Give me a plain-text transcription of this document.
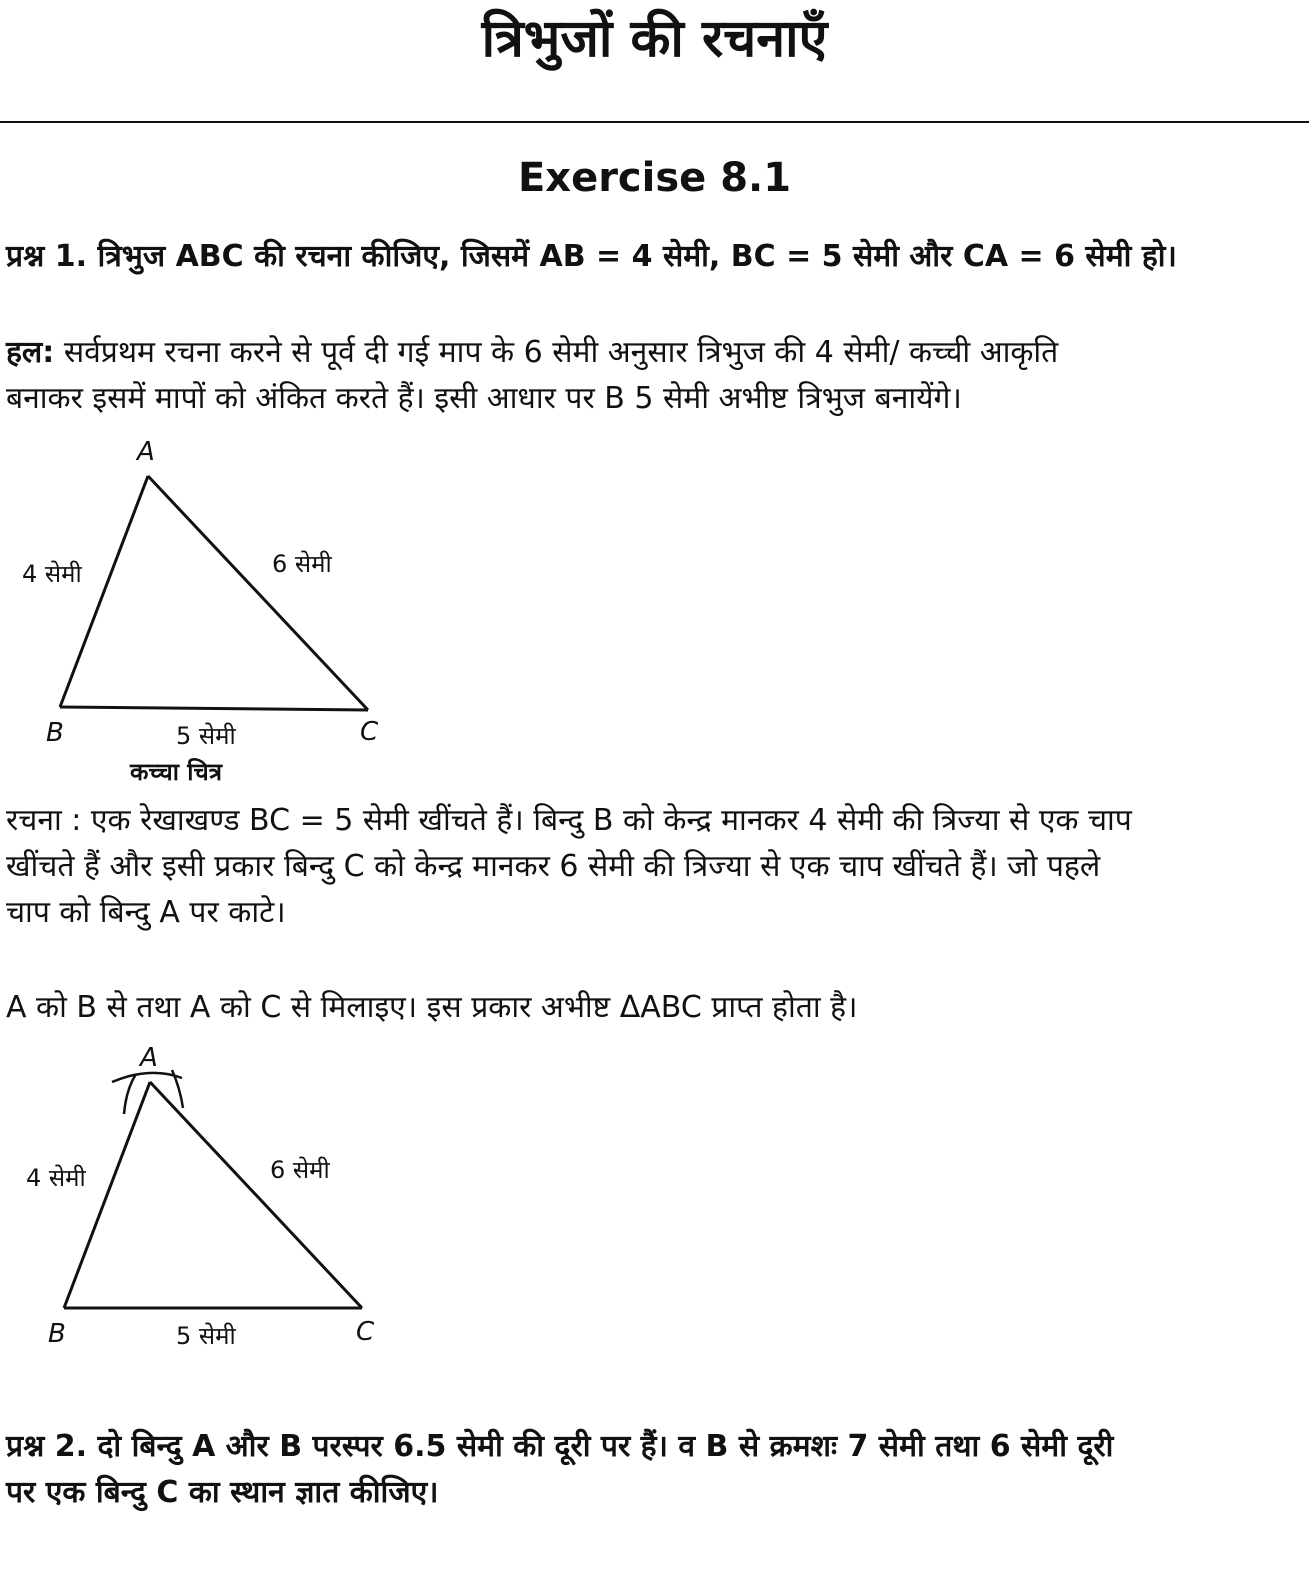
त्रिभुजों की रचनाएँ
Exercise 8.1
प्रश्न 1. त्रिभुज ABC की रचना कीजिए, जिसमें AB = 4 सेमी, BC = 5 सेमी और CA = 6 सेमी हो।
हल: सर्वप्रथम रचना करने से पूर्व दी गई माप के 6 सेमी अनुसार त्रिभुज की 4 सेमी/ कच्ची आकृति
बनाकर इसमें मापों को अंकित करते हैं। इसी आधार पर B 5 सेमी अभीष्ट त्रिभुज बनायेंगे।
A
B	C
4 सेमी	6 सेमी
5 सेमी
कच्चा चित्र
रचना : एक रेखाखण्ड BC = 5 सेमी खींचते हैं। बिन्दु B को केन्द्र मानकर 4 सेमी की त्रिज्या से एक चाप
खींचते हैं और इसी प्रकार बिन्दु C को केन्द्र मानकर 6 सेमी की त्रिज्या से एक चाप खींचते हैं। जो पहले
चाप को बिन्दु A पर काटे।
A को B से तथा A को C से मिलाइए। इस प्रकार अभीष्ट ΔABC प्राप्त होता है।
A
B	C
4 सेमी	6 सेमी
5 सेमी
प्रश्न 2. दो बिन्दु A और B परस्पर 6.5 सेमी की दूरी पर हैं। व B से क्रमशः 7 सेमी तथा 6 सेमी दूरी
पर एक बिन्दु C का स्थान ज्ञात कीजिए।
